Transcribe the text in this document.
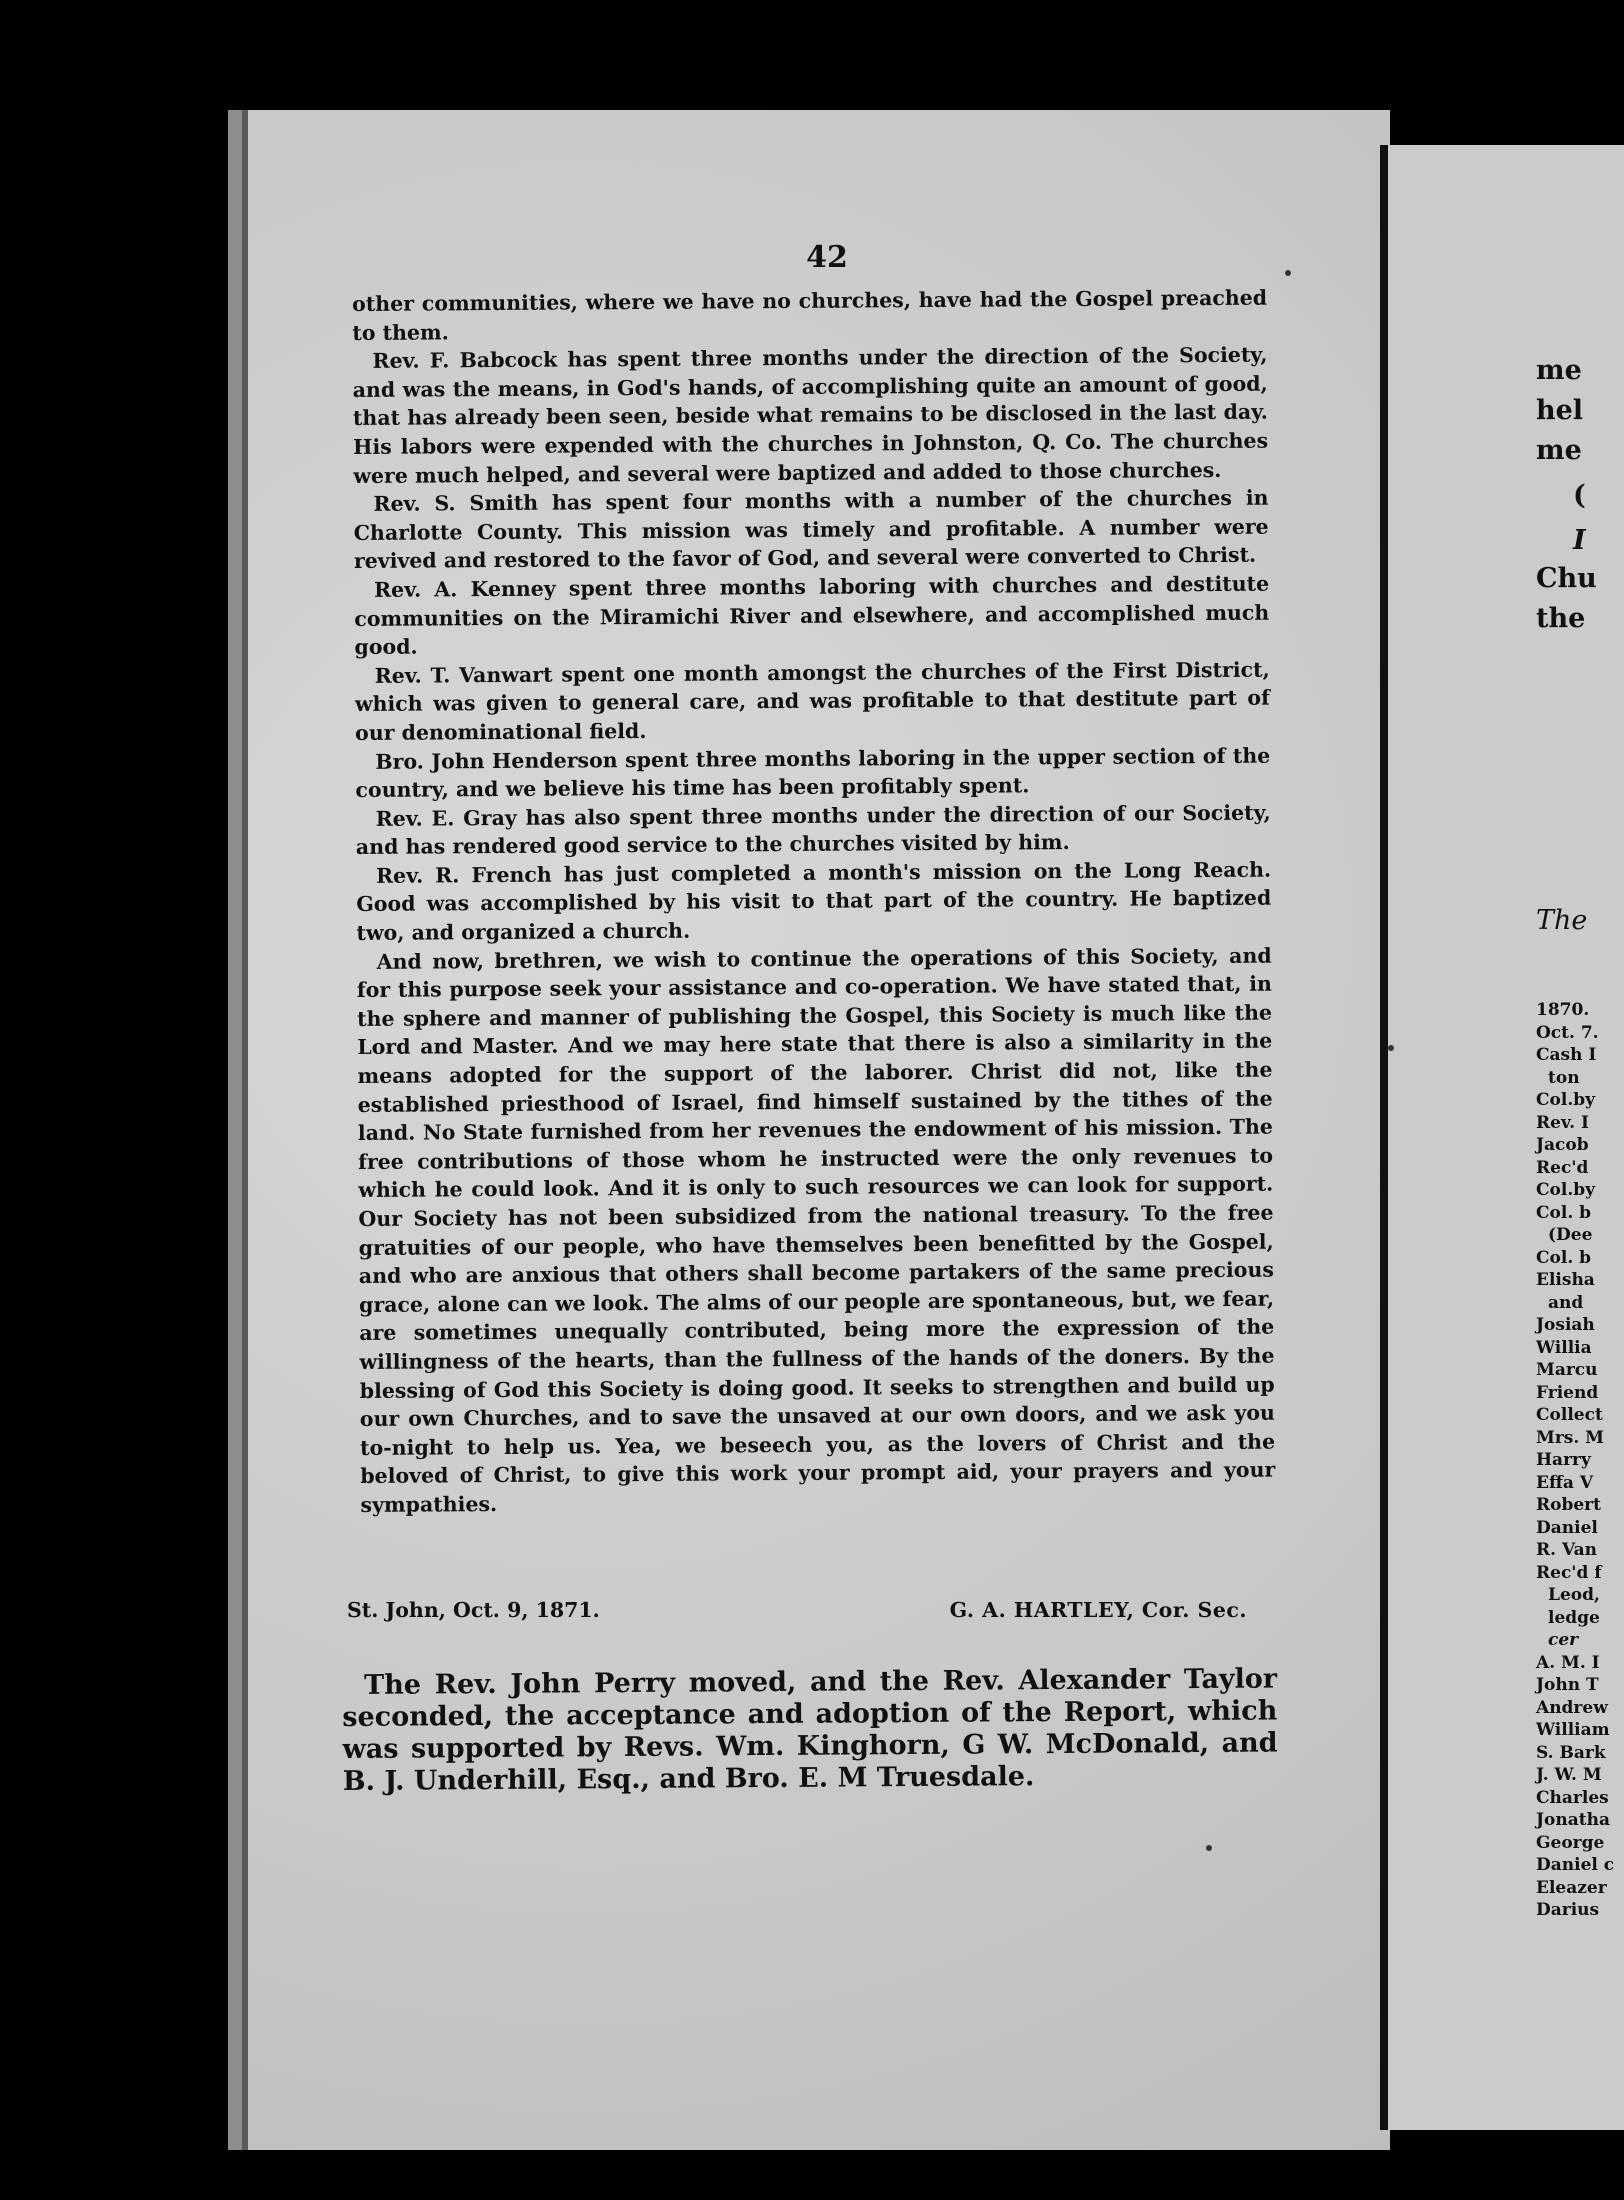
42

other communities, where we have no churches, have had the Gospel preached to them.

Rev. F. Babcock has spent three months under the direction of the Society, and was the means, in God's hands, of accomplishing quite an amount of good, that has already been seen, beside what remains to be disclosed in the last day. His labors were expended with the churches in Johnston, Q. Co. The churches were much helped, and several were baptized and added to those churches.

Rev. S. Smith has spent four months with a number of the churches in Charlotte County. This mission was timely and profitable. A number were revived and restored to the favor of God, and several were converted to Christ.

Rev. A. Kenney spent three months laboring with churches and destitute communities on the Miramichi River and elsewhere, and accomplished much good.

Rev. T. Vanwart spent one month amongst the churches of the First District, which was given to general care, and was profitable to that destitute part of our denominational field.

Bro. John Henderson spent three months laboring in the upper section of the country, and we believe his time has been profitably spent.

Rev. E. Gray has also spent three months under the direction of our Society, and has rendered good service to the churches visited by him.

Rev. R. French has just completed a month's mission on the Long Reach. Good was accomplished by his visit to that part of the country. He baptized two, and organized a church.

And now, brethren, we wish to continue the operations of this Society, and for this purpose seek your assistance and co-operation. We have stated that, in the sphere and manner of publishing the Gospel, this Society is much like the Lord and Master. And we may here state that there is also a similarity in the means adopted for the support of the laborer. Christ did not, like the established priesthood of Israel, find himself sustained by the tithes of the land. No State furnished from her revenues the endowment of his mission. The free contributions of those whom he instructed were the only revenues to which he could look. And it is only to such resources we can look for support. Our Society has not been subsidized from the national treasury. To the free gratuities of our people, who have themselves been benefitted by the Gospel, and who are anxious that others shall become partakers of the same precious grace, alone can we look. The alms of our people are spontaneous, but, we fear, are sometimes unequally contributed, being more the expression of the willingness of the hearts, than the fullness of the hands of the doners. By the blessing of God this Society is doing good. It seeks to strengthen and build up our own Churches, and to save the unsaved at our own doors, and we ask you to-night to help us. Yea, we beseech you, as the lovers of Christ and the beloved of Christ, to give this work your prompt aid, your prayers and your sympathies.

St. John, Oct. 9, 1871.	G. A. HARTLEY, Cor. Sec.
The Rev. John Perry moved, and the Rev. Alexander Taylor seconded, the acceptance and adoption of the Report, which was supported by Revs. Wm. Kinghorn, G W. McDonald, and B. J. Underhill, Esq., and Bro. E. M Truesdale.
me
hel
me
(
I
Chu
the
The
1870.
Oct. 7.
Cash I
ton
Col.by
Rev. I
Jacob
Rec'd
Col.by
Col. b
(Dee
Col. b
Elisha
and
Josiah
Willia
Marcu
Friend
Collect
Mrs. M
Harry
Effa V
Robert
Daniel
R. Van
Rec'd f
Leod,
ledge
cer
A. M. I
John T
Andrew
William
S. Bark
J. W. M
Charles
Jonatha
George
Daniel c
Eleazer
Darius
